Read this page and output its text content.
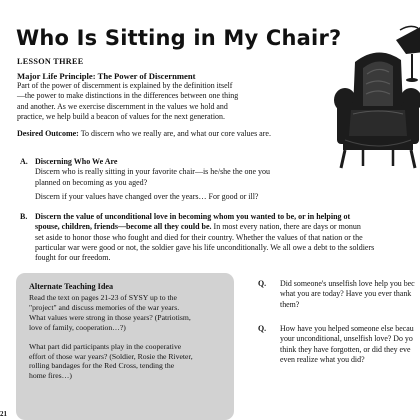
Who Is Sitting in My Chair?
LESSON THREE
Major Life Principle: The Power of Discernment
Part of the power of discernment is explained by the definition itself
—the power to make distinctions in the differences between one thing
and another. As we exercise discernment in the values we hold and
practice, we help build a beacon of values for the next generation.
Desired Outcome: To discern who we really are, and what our core values are.
A. Discerning Who We Are
Discern who is really sitting in your favorite chair—is he/she the one you
planned on becoming as you aged?
Discern if your values have changed over the years… For good or ill?
B. Discern the value of unconditional love in becoming whom you wanted to be, or in helping ot
spouse, children, friends—become all they could be. In most every nation, there are days or monun
set aside to honor those who fought and died for their country. Whether the values of that nation or the
particular war were good or not, the soldier gave his life unconditionally. We all owe a debt to the soldiers
fought for our freedom.
Alternate Teaching Idea
Read the text on pages 21-23 of SYSY up to the
"project" and discuss memories of the war years.
What values were strong in those years? (Patriotism,
love of family, cooperation…?)
What part did participants play in the cooperative
effort of those war years? (Soldier, Rosie the Riveter,
rolling bandages for the Red Cross, tending the
home fires…)
Q. Did someone's unselfish love help you bec
what you are today? Have you ever thank
them?
Q. How have you helped someone else becau
your unconditional, unselfish love? Do yo
think they have forgotten, or did they eve
even realize what you did?
21
